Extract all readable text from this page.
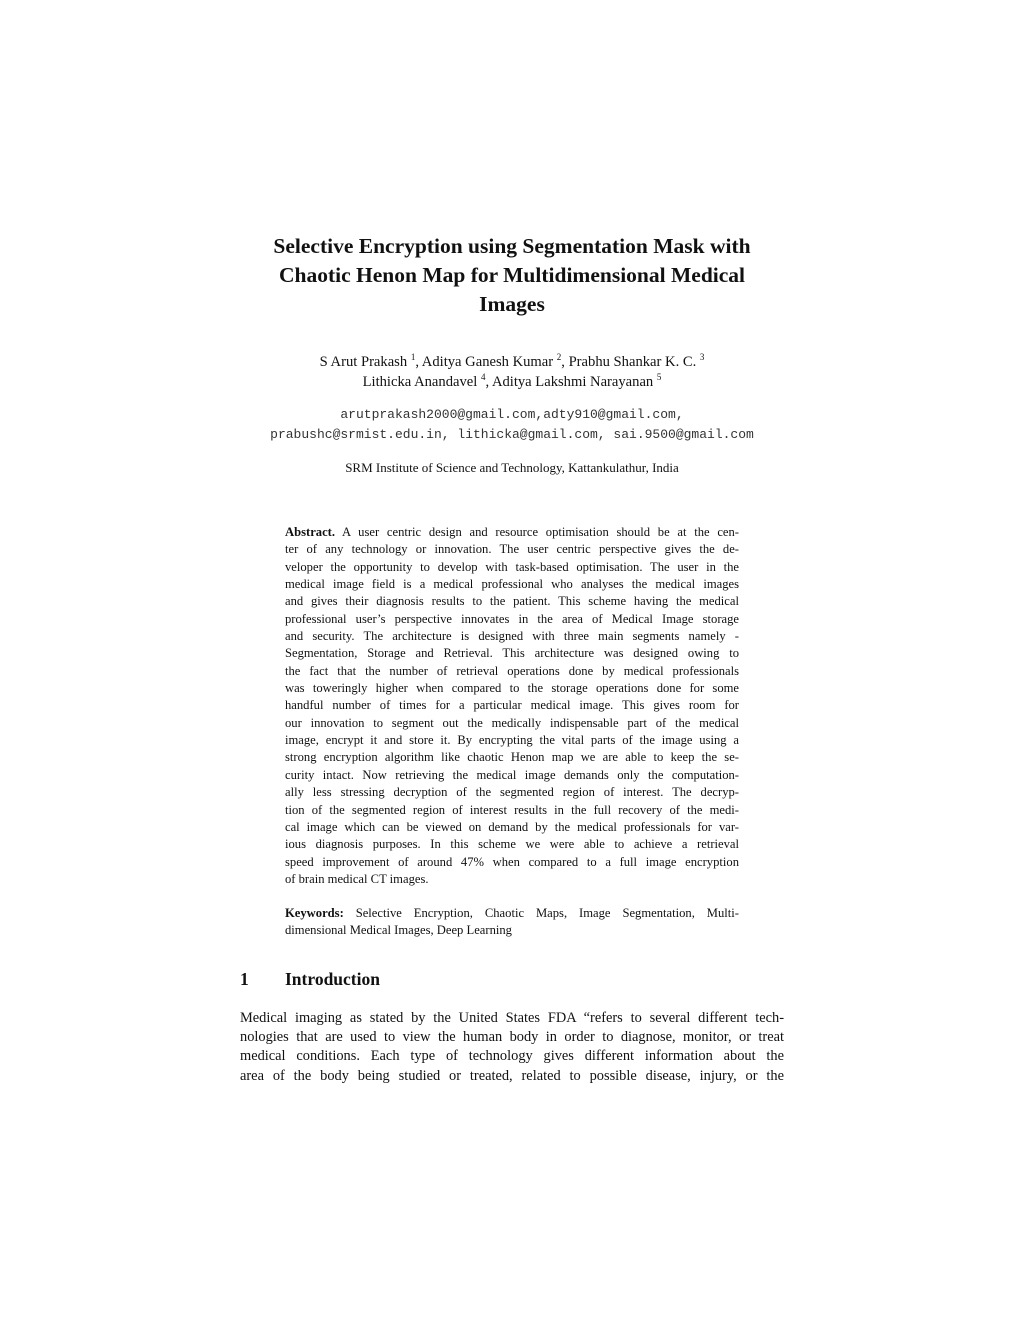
Selective Encryption using Segmentation Mask with
Chaotic Henon Map for Multidimensional Medical
Images
S Arut Prakash $^1$, Aditya Ganesh Kumar $^2$, Prabhu Shankar K. C. $^3$
Lithicka Anandavel $^4$, Aditya Lakshmi Narayanan $^5$
arutprakash2000@gmail.com,adty910@gmail.com,
prabushc@srmist.edu.in, lithicka@gmail.com, sai.9500@gmail.com
SRM Institute of Science and Technology, Kattankulathur, India
Abstract. A user centric design and resource optimisation should be at the cen-
ter of any technology or innovation. The user centric perspective gives the de-
veloper the opportunity to develop with task-based optimisation. The user in the
medical image field is a medical professional who analyses the medical images
and gives their diagnosis results to the patient. This scheme having the medical
professional user’s perspective innovates in the area of Medical Image storage
and security. The architecture is designed with three main segments namely -
Segmentation, Storage and Retrieval. This architecture was designed owing to
the fact that the number of retrieval operations done by medical professionals
was toweringly higher when compared to the storage operations done for some
handful number of times for a particular medical image. This gives room for
our innovation to segment out the medically indispensable part of the medical
image, encrypt it and store it. By encrypting the vital parts of the image using a
strong encryption algorithm like chaotic Henon map we are able to keep the se-
curity intact. Now retrieving the medical image demands only the computation-
ally less stressing decryption of the segmented region of interest. The decryp-
tion of the segmented region of interest results in the full recovery of the medi-
cal image which can be viewed on demand by the medical professionals for var-
ious diagnosis purposes. In this scheme we were able to achieve a retrieval
speed improvement of around 47% when compared to a full image encryption
of brain medical CT images.
Keywords: Selective Encryption, Chaotic Maps, Image Segmentation, Multi-
dimensional Medical Images, Deep Learning
1 Introduction
Medical imaging as stated by the United States FDA “refers to several different tech-
nologies that are used to view the human body in order to diagnose, monitor, or treat
medical conditions. Each type of technology gives different information about the
area of the body being studied or treated, related to possible disease, injury, or the
